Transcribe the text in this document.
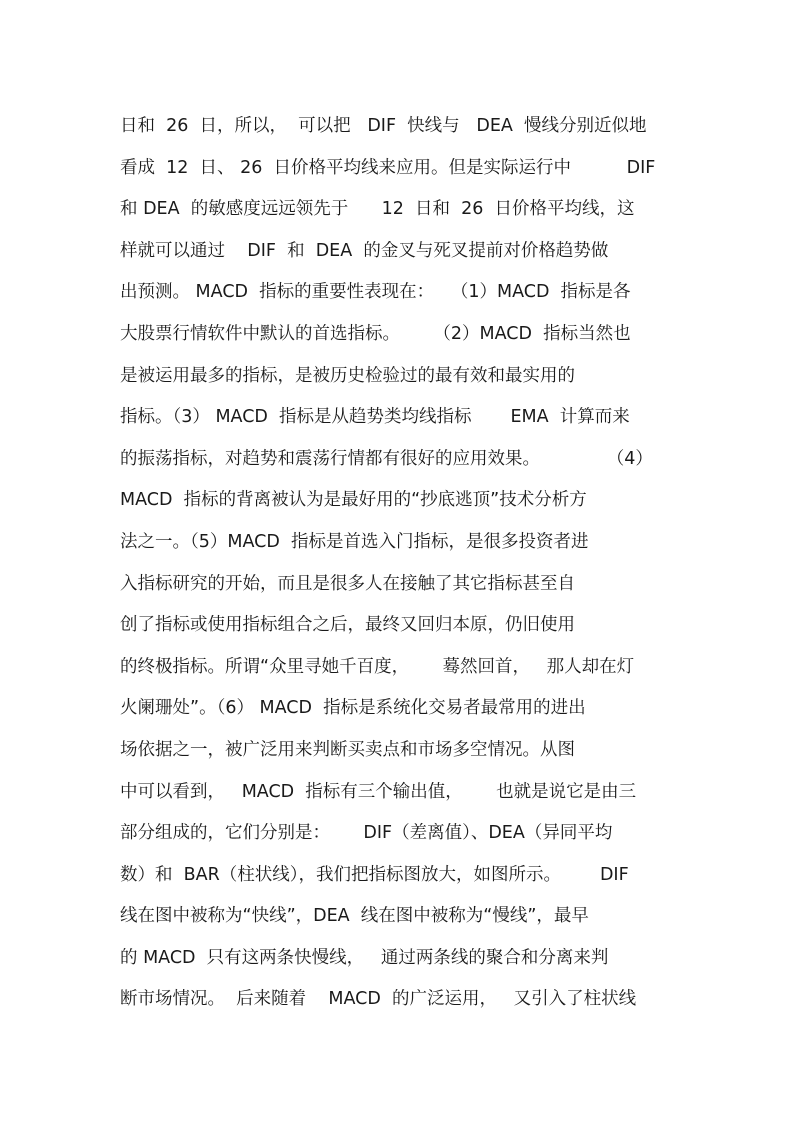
日和  26  日，所以，  可以把   DIF  快线与   DEA  慢线分别近似地
看成  12  日、 26  日价格平均线来应用。但是实际运行中          DIF
和 DEA  的敏感度远远领先于      12  日和  26  日价格平均线，这
样就可以通过    DIF  和  DEA  的金叉与死叉提前对价格趋势做
出预测。 MACD  指标的重要性表现在：   （1）MACD  指标是各
大股票行情软件中默认的首选指标。      （2）MACD  指标当然也
是被运用最多的指标，是被历史检验过的最有效和最实用的
指标。（3） MACD  指标是从趋势类均线指标       EMA  计算而来
的振荡指标，对趋势和震荡行情都有很好的应用效果。            （4）
MACD  指标的背离被认为是最好用的“抄底逃顶”技术分析方
法之一。（5）MACD  指标是首选入门指标，是很多投资者进
入指标研究的开始，而且是很多人在接触了其它指标甚至自
创了指标或使用指标组合之后，最终又回归本原，仍旧使用
的终极指标。所谓“众里寻她千百度，      蓦然回首，   那人却在灯
火阑珊处”。（6） MACD  指标是系统化交易者最常用的进出
场依据之一，被广泛用来判断买卖点和市场多空情况。从图
中可以看到，   MACD  指标有三个输出值，      也就是说它是由三
部分组成的，它们分别是：      DIF（差离值）、DEA（异同平均
数）和  BAR（柱状线），我们把指标图放大，如图所示。       DIF
线在图中被称为“快线”，DEA  线在图中被称为“慢线”，最早
的 MACD  只有这两条快慢线，   通过两条线的聚合和分离来判
断市场情况。  后来随着    MACD  的广泛运用，   又引入了柱状线
